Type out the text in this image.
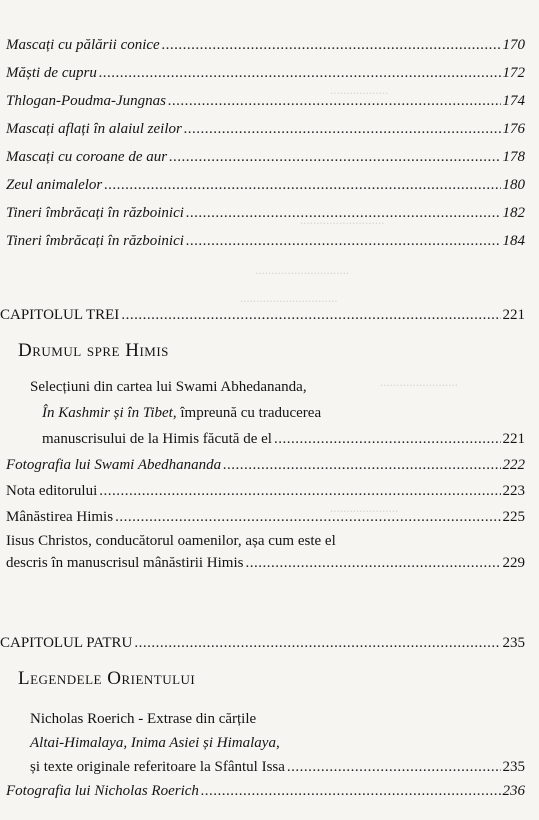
..................
..........................
.............................
..............................
........................
.....................
Mascați cu pălării conice .....	170
Măști de cupru .....	172
Thlogan-Poudma-Jungnas .....	174
Mascați aflați în alaiul zeilor .....	176
Mascați cu coroane de aur .....	178
Zeul animalelor .....	180
Tineri îmbrăcați în războinici .....	182
Tineri îmbrăcați în războinici .....	184
CAPITOLUL TREI .....	221
Drumul spre Himis
Selecțiuni din cartea lui Swami Abhedananda,
În Kashmir și în Tibet, împreună cu traducerea
manuscrisului de la Himis făcută de el .....	221
Fotografia lui Swami Abedhananda .....	222
Nota editorului .....	223
Mânăstirea Himis .....	225
Iisus Christos, conducătorul oamenilor, așa cum este el
descris în manuscrisul mânăstirii Himis .....	229
CAPITOLUL PATRU .....	235
Legendele Orientului
Nicholas Roerich - Extrase din cărțile
Altai-Himalaya, Inima Asiei și Himalaya,
și texte originale referitoare la Sfântul Issa .....	235
Fotografia lui Nicholas Roerich .....	236
